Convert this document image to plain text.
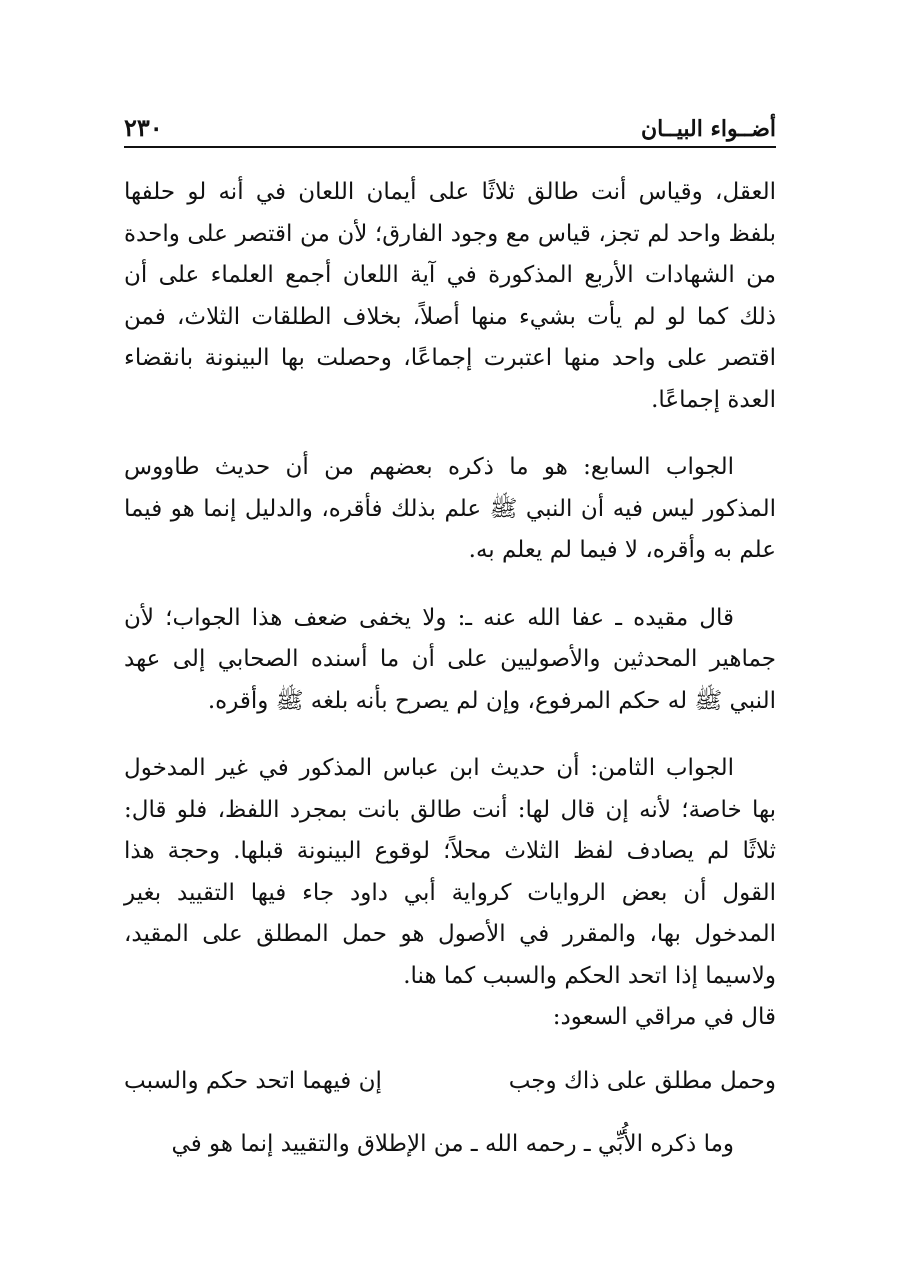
أضــواء البيــان
٢٣٠

العقل، وقياس أنت طالق ثلاثًا على أيمان اللعان في أنه لو حلفها بلفظ واحد لم تجز، قياس مع وجود الفارق؛ لأن من اقتصر على واحدة من الشهادات الأربع المذكورة في آية اللعان أجمع العلماء على أن ذلك كما لو لم يأت بشيء منها أصلاً، بخلاف الطلقات الثلاث، فمن اقتصر على واحد منها اعتبرت إجماعًا، وحصلت بها البينونة بانقضاء العدة إجماعًا.

الجواب السابع: هو ما ذكره بعضهم من أن حديث طاووس المذكور ليس فيه أن النبي ﷺ علم بذلك فأقره، والدليل إنما هو فيما علم به وأقره، لا فيما لم يعلم به.

قال مقيده ـ عفا الله عنه ـ: ولا يخفى ضعف هذا الجواب؛ لأن جماهير المحدثين والأصوليين على أن ما أسنده الصحابي إلى عهد النبي ﷺ له حكم المرفوع، وإن لم يصرح بأنه بلغه ﷺ وأقره.

الجواب الثامن: أن حديث ابن عباس المذكور في غير المدخول بها خاصة؛ لأنه إن قال لها: أنت طالق بانت بمجرد اللفظ، فلو قال: ثلاثًا لم يصادف لفظ الثلاث محلاً؛ لوقوع البينونة قبلها. وحجة هذا القول أن بعض الروايات كرواية أبي داود جاء فيها التقييد بغير المدخول بها، والمقرر في الأصول هو حمل المطلق على المقيد، ولاسيما إذا اتحد الحكم والسبب كما هنا.

قال في مراقي السعود:

وحمل مطلق على ذاك وجب
إن فيهما اتحد حكم والسبب

وما ذكره الأُبِّي ـ رحمه الله ـ من الإطلاق والتقييد إنما هو في
